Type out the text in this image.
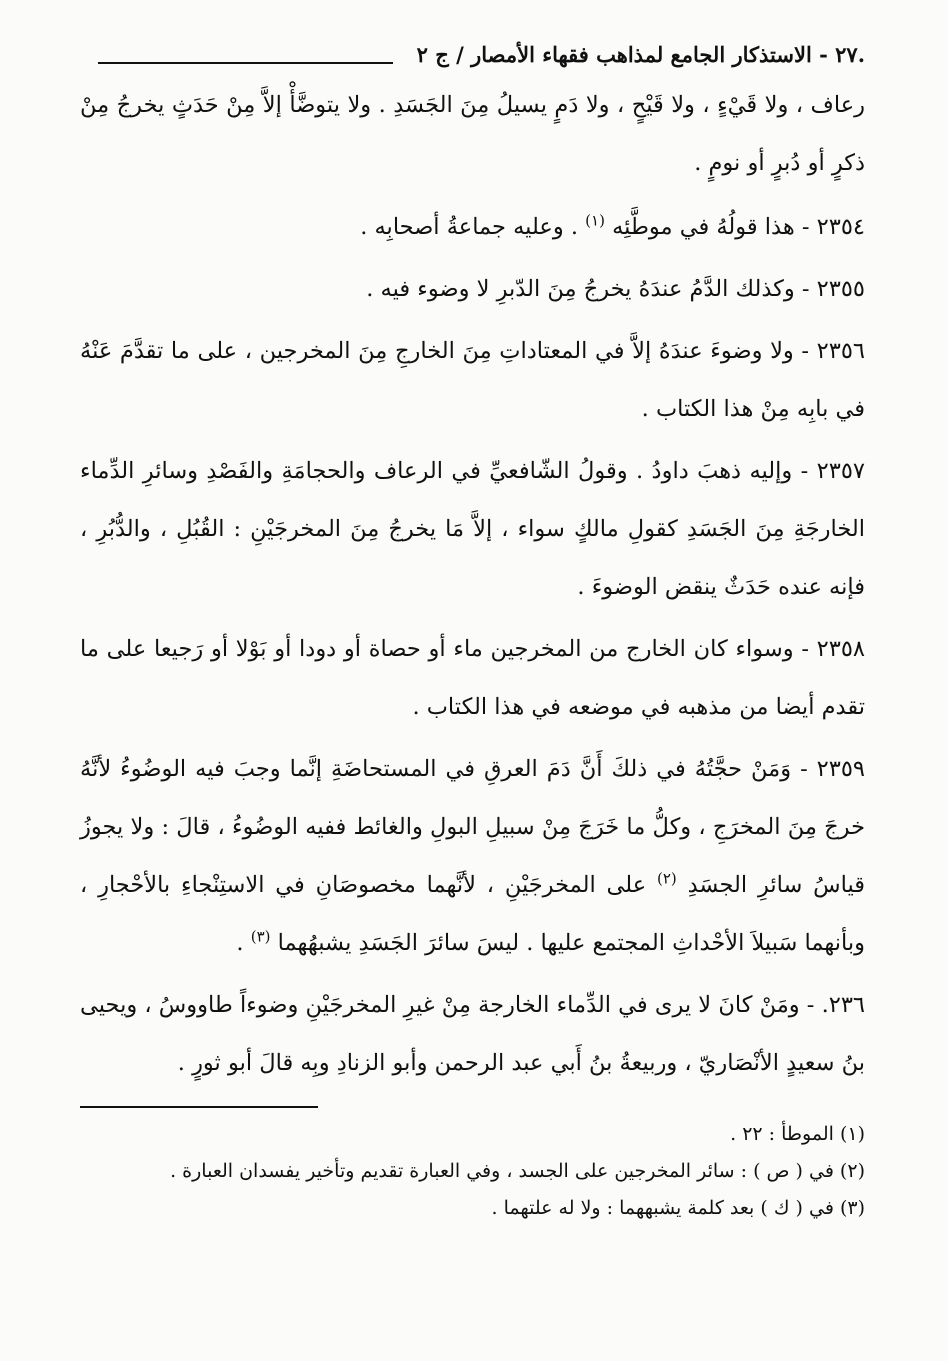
.٢٧ - الاستذكار الجامع لمذاهب فقهاء الأمصار / ج ٢

رعاف ، ولا قَيْءٍ ، ولا قَيْحٍ ، ولا دَمٍ يسيلُ مِنَ الجَسَدِ . ولا يتوضَّأْ إلاَّ مِنْ حَدَثٍ يخرجُ مِنْ ذكرٍ أو دُبرٍ أو نومٍ .

٢٣٥٤ - هذا قولُهُ في موطَّئِه $^{(١)}$ . وعليه جماعةُ أصحابِه .

٢٣٥٥ - وكذلك الدَّمُ عندَهُ يخرجُ مِنَ الدّبرِ لا وضوء فيه .

٢٣٥٦ - ولا وضوءَ عندَهُ إلاَّ في المعتاداتِ مِنَ الخارجِ مِنَ المخرجين ، على ما تقدَّمَ عَنْهُ في بابِه مِنْ هذا الكتاب .

٢٣٥٧ - وإليه ذهبَ داودُ . وقولُ الشّافعيِّ في الرعاف والحجامَةِ والفَصْدِ وسائرِ الدِّماء الخارجَةِ مِنَ الجَسَدِ كقولِ مالكٍ سواء ، إلاَّ مَا يخرجُ مِنَ المخرجَيْنِ : القُبُلِ ، والدُّبُرِ ، فإنه عنده حَدَثٌ ينقض الوضوءَ .

٢٣٥٨ - وسواء كان الخارج من المخرجين ماء أو حصاة أو دودا أو بَوْلا أو رَجيعا على ما تقدم أيضا من مذهبه في موضعه في هذا الكتاب .

٢٣٥٩ - وَمَنْ حجَّتُهُ في ذلكَ أَنَّ دَمَ العرقِ في المستحاضَةِ إنَّما وجبَ فيه الوضُوءُ لأنَّهُ خرجَ مِنَ المخرَجِ ، وكلُّ ما خَرَجَ مِنْ سبيلِ البولِ والغائط ففيه الوضُوءُ ، قالَ : ولا يجوزُ قياسُ سائرِ الجسَدِ $^{(٢)}$ على المخرجَيْنِ ، لأنَّهما مخصوصَانِ في الاستِنْجاءِ بالأحْجارِ ، وبأنهما سَبيلاَ الأحْداثِ المجتمع عليها . ليسَ سائرَ الجَسَدِ يشبهُهما $^{(٣)}$ .

٢٣٦. - ومَنْ كانَ لا يرى في الدِّماء الخارجة مِنْ غيرِ المخرجَيْنِ وضوءاً طاووسُ ، ويحيى بنُ سعيدٍ الأنْصَاريّ ، وربيعةُ بنُ أَبي عبد الرحمن وأبو الزنادِ وبِه قالَ أبو ثورٍ .

(١) الموطأ : ٢٢ .

(٢) في ( ص ) : سائر المخرجين على الجسد ، وفي العبارة تقديم وتأخير يفسدان العبارة .

(٣) في ( ك ) بعد كلمة يشبههما : ولا له علتهما .
